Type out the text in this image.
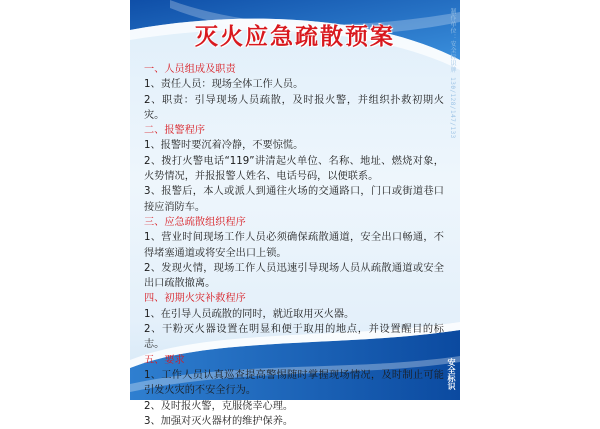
制作单位：安全标识牌 130/128/147/133
安全标识
灭火应急疏散预案
一、人员组成及职责
1、责任人员：现场全体工作人员。
2、职责：引导现场人员疏散，及时报火警，并组织扑救初期火灾。
二、报警程序
1、报警时要沉着冷静，不要惊慌。
2、拨打火警电话“119”讲清起火单位、名称、地址、燃烧对象，火势情况，并报报警人姓名、电话号码，以便联系。
3、报警后，本人或派人到通往火场的交通路口，门口或街道巷口接应消防车。
三、应急疏散组织程序
1、营业时间现场工作人员必须确保疏散通道，安全出口畅通，不得堵塞通道或将安全出口上锁。
2、发现火情，现场工作人员迅速引导现场人员从疏散通道或安全出口疏散撤离。
四、初期火灾补救程序
1、在引导人员疏散的同时，就近取用灭火器。
2、干粉灭火器设置在明显和便于取用的地点，并设置醒目的标志。
五、要求
1、工作人员认真巡查提高警惕随时掌握现场情况，及时制止可能引发火灾的不安全行为。
2、及时报火警，克服侥幸心理。
3、加强对灭火器材的维护保养。
